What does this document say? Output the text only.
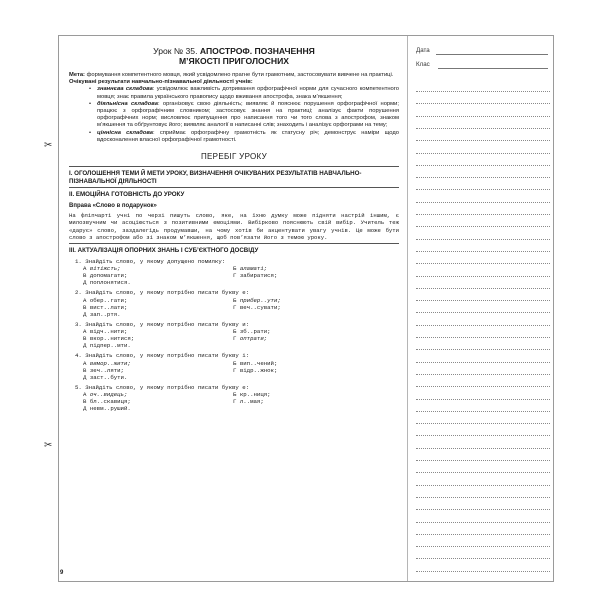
Урок № 35. АПОСТРОФ. ПОЗНАЧЕННЯ
М’ЯКОСТІ ПРИГОЛОСНИХ
Мета: формування компетентного мовця, який усвідомлено прагне бути грамотним, застосовувати вивчене на практиці.
Очікувані результати навчально-пізнавальної діяльності учнів:
• знаннєва складова: усвідомлює важливість дотримання орфографічної норми для сучасного компетентного мовця; знає правила українського правопису щодо вживання апострофа, знака м’якшення;
• діяльнісна складова: організовує свою діяльність; виявляє й пояснює порушення орфографічної норми; працює з орфографічним словником; застосовує знання на практиці; аналізує факти порушення орфографічних норм; висловлює припущення про написання того чи того слова з апострофом, знаком м’якшення та обґрунтовує його; виявляє аналогії в написанні слів; знаходить і аналізує орфограми на тему;
• ціннісна складова: сприймає орфографічну грамотність як статусну річ; демонструє наміри щодо вдосконалення власної орфографічної грамотності.
ПЕРЕБІГ УРОКУ
І. ОГОЛОШЕННЯ ТЕМИ Й МЕТИ УРОКУ, ВИЗНАЧЕННЯ ОЧІКУВАНИХ РЕЗУЛЬТАТІВ НАВЧАЛЬНО-ПІЗНАВАЛЬНОЇ ДІЯЛЬНОСТІ
ІІ. ЕМОЦІЙНА ГОТОВНІСТЬ ДО УРОКУ
Вправа «Слово в подарунок»
На фліпчарті учні по черзі пишуть слово, яке, на їхню думку може підняти настрій іншим, є милозвучним чи асоціюється з позитивними емоціями. Вибірково пояснюють свій вибір. Учитель теж «дарує» слово, заздалегідь продумавши, на чому хотів би акцентувати увагу учнів. Це може бути слово з апострофом або зі знаком м’якшення, щоб пов’язати його з темою уроку.
ІІІ. АКТУАЛІЗАЦІЯ ОПОРНИХ ЗНАНЬ І СУБ’ЄКТНОГО ДОСВІДУ
1. Знайдіть слово, у якому допущено помилку:
А вітіжсть;	Б аламаті;
В допомагати;	Г забиратися;
Д поплонятися.
2. Знайдіть слово, у якому потрібно писати букву е:
А обер..гати;	Б прибер..ути;
В вист..лати;	Г веч..сувати;
Д зап..ртя.
3. Знайдіть слово, у якому потрібно писати букву и:
А відч..нити;	Б зб..рати;
В вкор..нитися;	Г оптрати;
Д підпер..мти.
4. Знайдіть слово, у якому потрібно писати букву і:
А вимор..жити;	Б вип..чений;
В зеч..ляти;	Г відр..жнок;
Д заст..бути.
5. Знайдіть слово, у якому потрібно писати букву е:
А оч..видець;	Б кр..ниця;
В бл..скавиця;	Г л..мая;
Д невм..руший.
Дата
Клас
✂
✂
9
